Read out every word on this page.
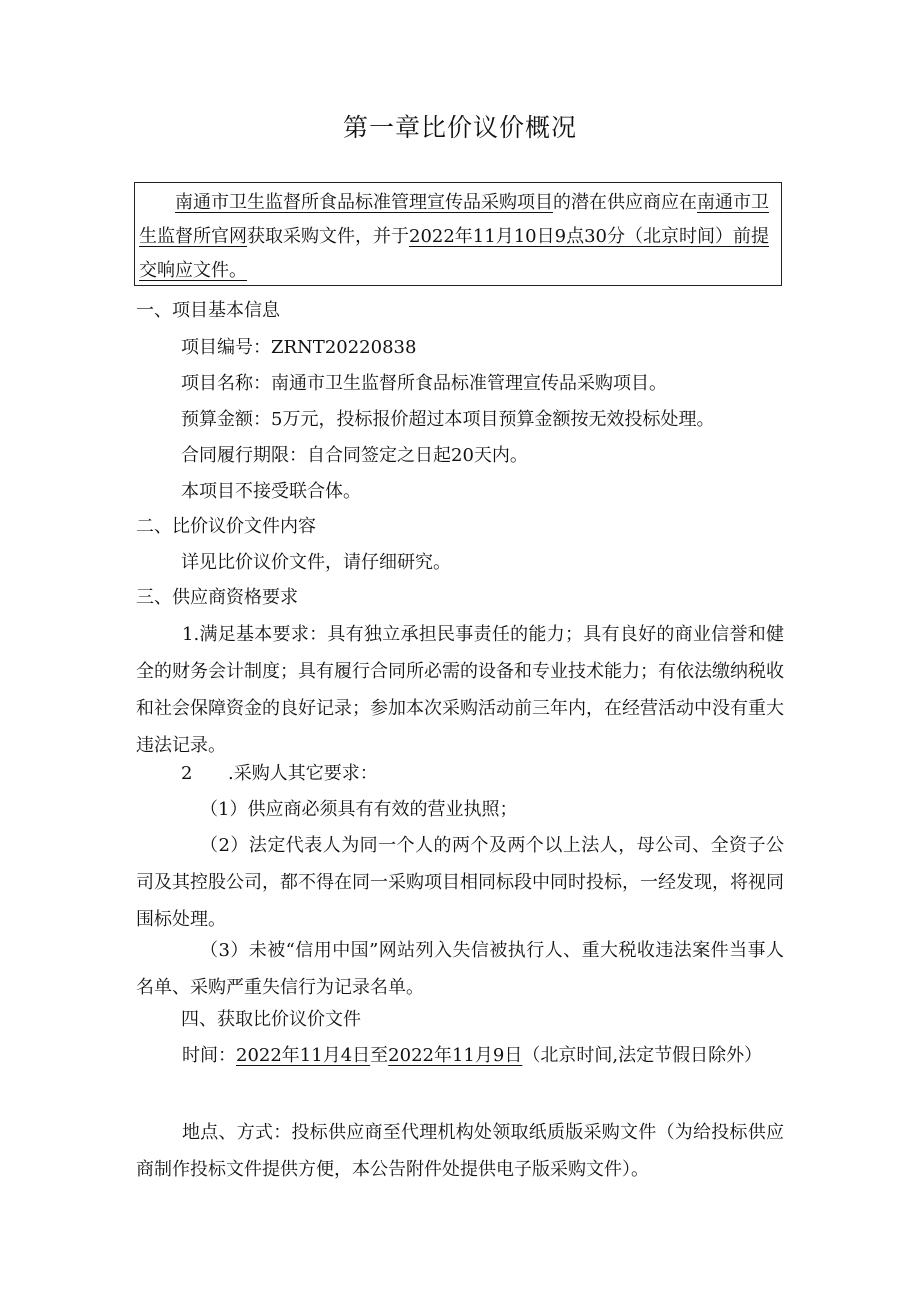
第一章比价议价概况

  南通市卫生监督所食品标准管理宣传品采购项目的潜在供应商应在南通市卫生监督所官网获取采购文件，并于2022年11月10日9点30分（北京时间）前提交响应文件。

一、项目基本信息

项目编号：ZRNT20220838

项目名称：南通市卫生监督所食品标准管理宣传品采购项目。

预算金额：5万元，投标报价超过本项目预算金额按无效投标处理。

合同履行期限：自合同签定之日起20天内。

本项目不接受联合体。

二、比价议价文件内容

详见比价议价文件，请仔细研究。

三、供应商资格要求

1.满足基本要求：具有独立承担民事责任的能力；具有良好的商业信誉和健全的财务会计制度；具有履行合同所必需的设备和专业技术能力；有依法缴纳税收和社会保障资金的良好记录；参加本次采购活动前三年内，在经营活动中没有重大违法记录。

2 .采购人其它要求：

（1）供应商必须具有有效的营业执照；

（2）法定代表人为同一个人的两个及两个以上法人，母公司、全资子公司及其控股公司，都不得在同一采购项目相同标段中同时投标，一经发现，将视同围标处理。

（3）未被“信用中国”网站列入失信被执行人、重大税收违法案件当事人名单、采购严重失信行为记录名单。

四、获取比价议价文件

时间：2022年11月4日至2022年11月9日（北京时间,法定节假日除外）

地点、方式：投标供应商至代理机构处领取纸质版采购文件（为给投标供应商制作投标文件提供方便，本公告附件处提供电子版采购文件）。
